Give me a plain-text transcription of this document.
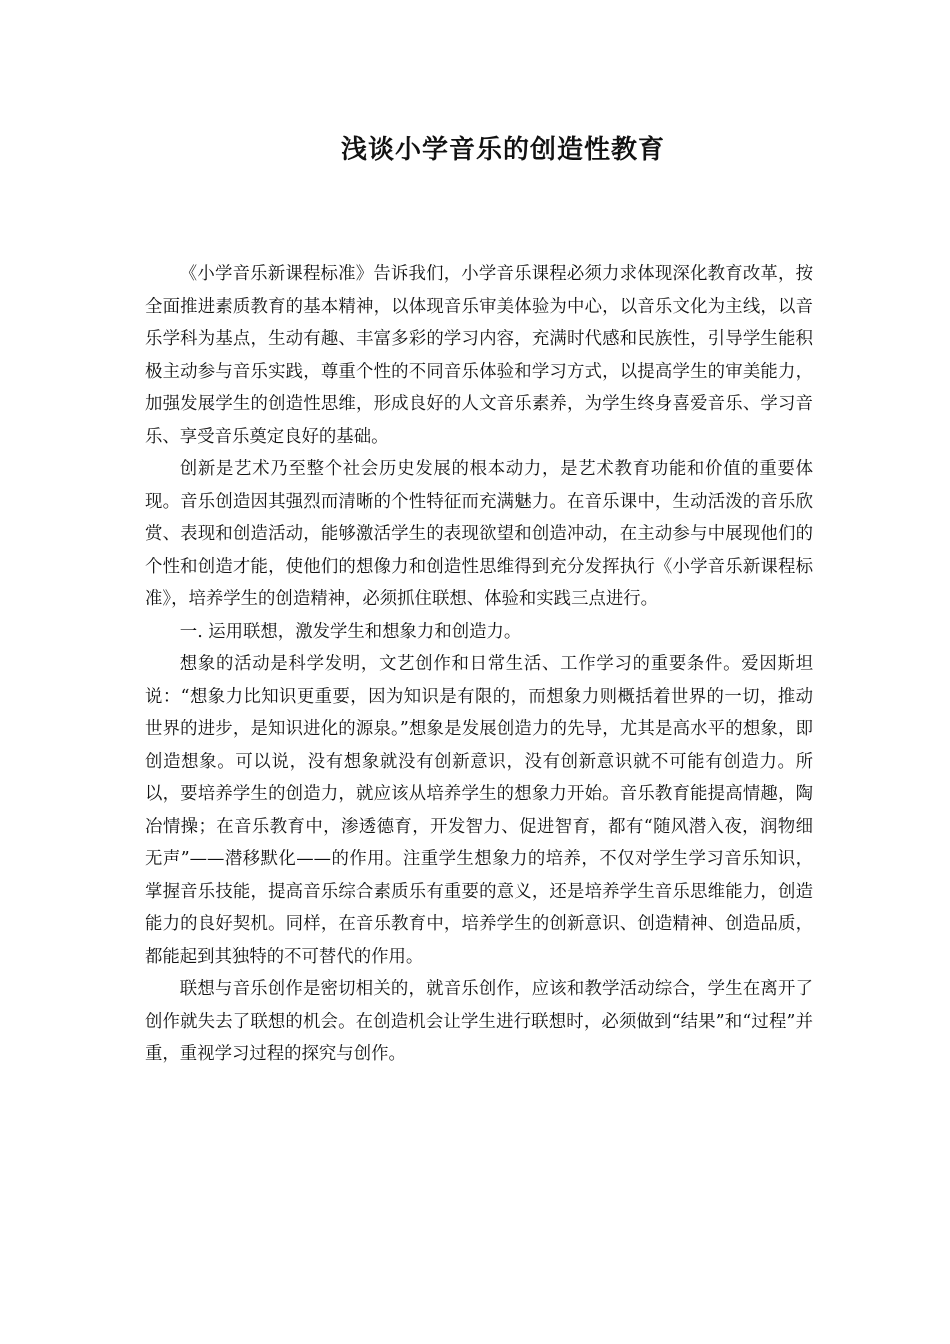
浅谈小学音乐的创造性教育

《小学音乐新课程标准》告诉我们，小学音乐课程必须力求体现深化教育改革，按全面推进素质教育的基本精神，以体现音乐审美体验为中心，以音乐文化为主线，以音乐学科为基点，生动有趣、丰富多彩的学习内容，充满时代感和民族性，引导学生能积极主动参与音乐实践，尊重个性的不同音乐体验和学习方式，以提高学生的审美能力，加强发展学生的创造性思维，形成良好的人文音乐素养，为学生终身喜爱音乐、学习音乐、享受音乐奠定良好的基础。

创新是艺术乃至整个社会历史发展的根本动力，是艺术教育功能和价值的重要体现。音乐创造因其强烈而清晰的个性特征而充满魅力。在音乐课中，生动活泼的音乐欣赏、表现和创造活动，能够激活学生的表现欲望和创造冲动，在主动参与中展现他们的个性和创造才能，使他们的想像力和创造性思维得到充分发挥执行《小学音乐新课程标准》，培养学生的创造精神，必须抓住联想、体验和实践三点进行。

一. 运用联想，激发学生和想象力和创造力。

想象的活动是科学发明，文艺创作和日常生活、工作学习的重要条件。爱因斯坦说：“想象力比知识更重要，因为知识是有限的，而想象力则概括着世界的一切，推动世界的进步，是知识进化的源泉。”想象是发展创造力的先导，尤其是高水平的想象，即创造想象。可以说，没有想象就没有创新意识，没有创新意识就不可能有创造力。所以，要培养学生的创造力，就应该从培养学生的想象力开始。音乐教育能提高情趣，陶冶情操；在音乐教育中，渗透德育，开发智力、促进智育，都有“随风潜入夜，润物细无声”——潜移默化——的作用。注重学生想象力的培养，不仅对学生学习音乐知识，掌握音乐技能，提高音乐综合素质乐有重要的意义，还是培养学生音乐思维能力，创造能力的良好契机。同样，在音乐教育中，培养学生的创新意识、创造精神、创造品质，都能起到其独特的不可替代的作用。

联想与音乐创作是密切相关的，就音乐创作，应该和教学活动综合，学生在离开了创作就失去了联想的机会。在创造机会让学生进行联想时，必须做到“结果”和“过程”并重，重视学习过程的探究与创作。
